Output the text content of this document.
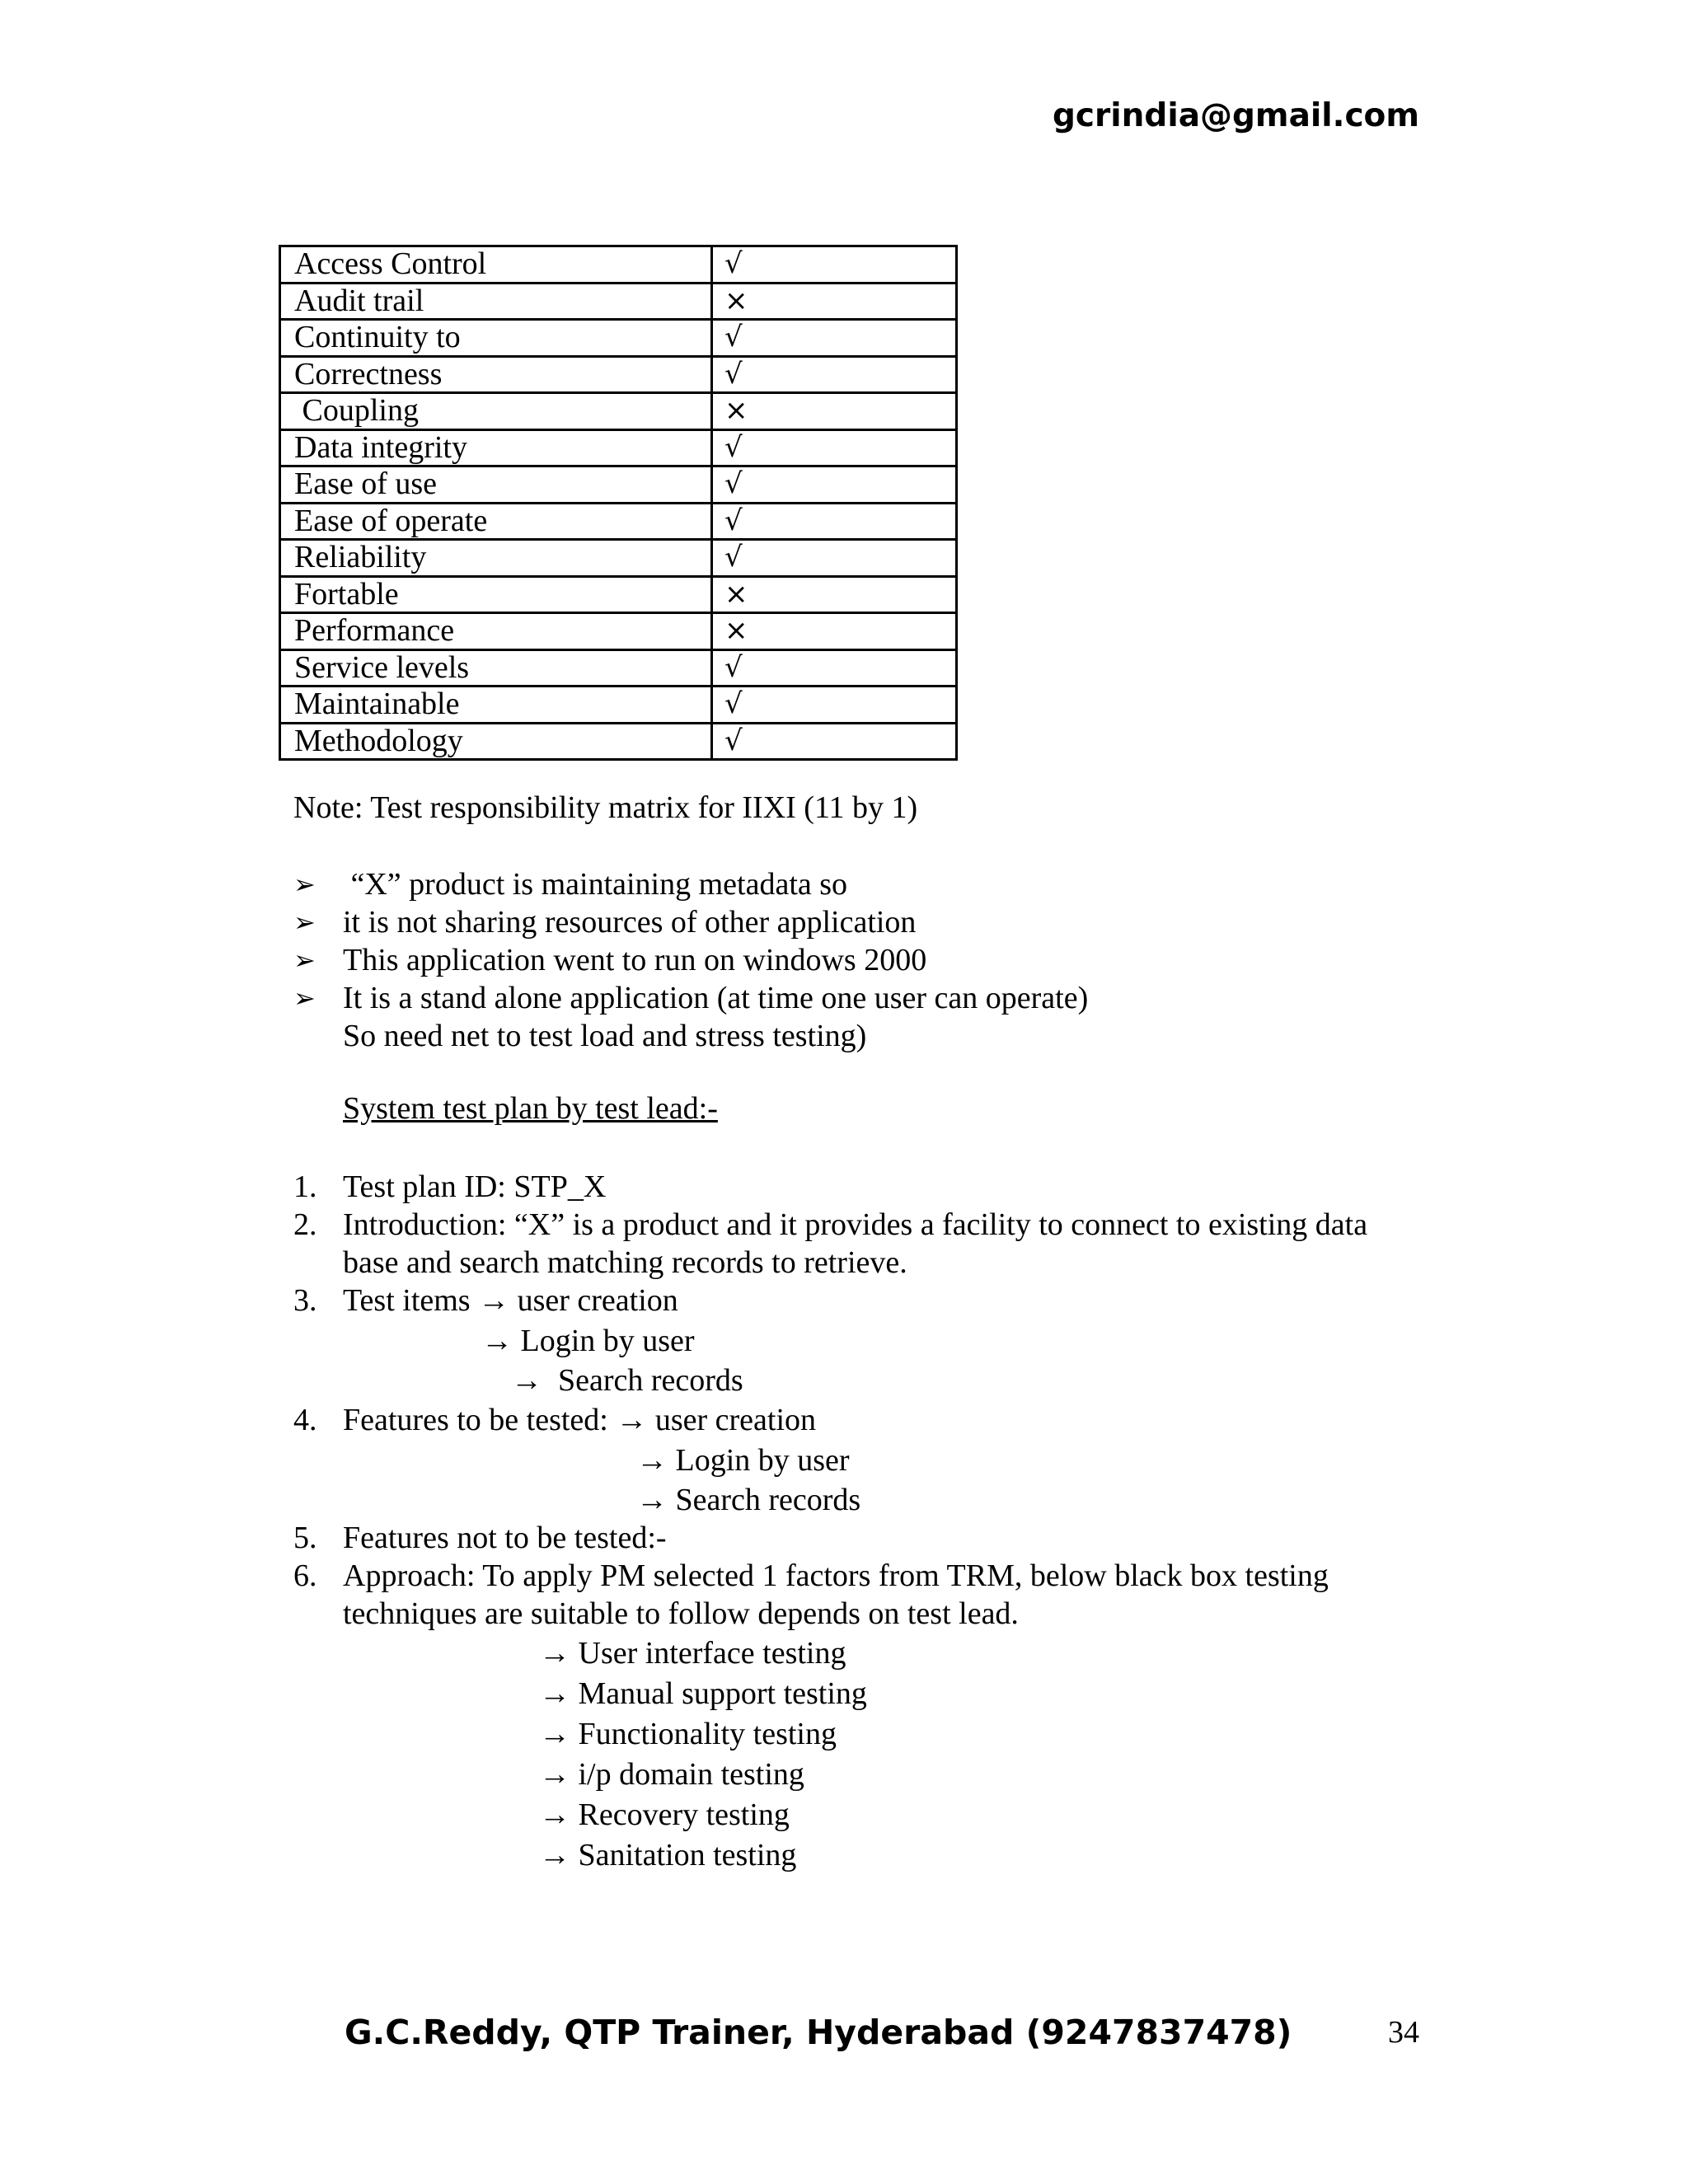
gcrindia@gmail.com
Access Control	√
Audit trail	×
Continuity to	√
Correctness	√
Coupling	×
Data integrity	√
Ease of use	√
Ease of operate	√
Reliability	√
Fortable	×
Performance	×
Service levels	√
Maintainable	√
Methodology	√
Note: Test responsibility matrix for IIXI (11 by 1)
➢ “X” product is maintaining metadata so
➢ it is not sharing resources of other application
➢ This application went to run on windows 2000
➢ It is a stand alone application (at time one user can operate)
So need net to test load and stress testing)
System test plan by test lead:-
1. Test plan ID: STP_X
2. Introduction: “X” is a product and it provides a facility to connect to existing data
base and search matching records to retrieve.
3. Test items → user creation
→ Login by user
→  Search records
4. Features to be tested: → user creation
→ Login by user
→ Search records
5. Features not to be tested:-
6. Approach: To apply PM selected 1 factors from TRM, below black box testing
techniques are suitable to follow depends on test lead.
→ User interface testing
→ Manual support testing
→ Functionality testing
→ i/p domain testing
→ Recovery testing
→ Sanitation testing
G.C.Reddy, QTP Trainer, Hyderabad (9247837478)	34
